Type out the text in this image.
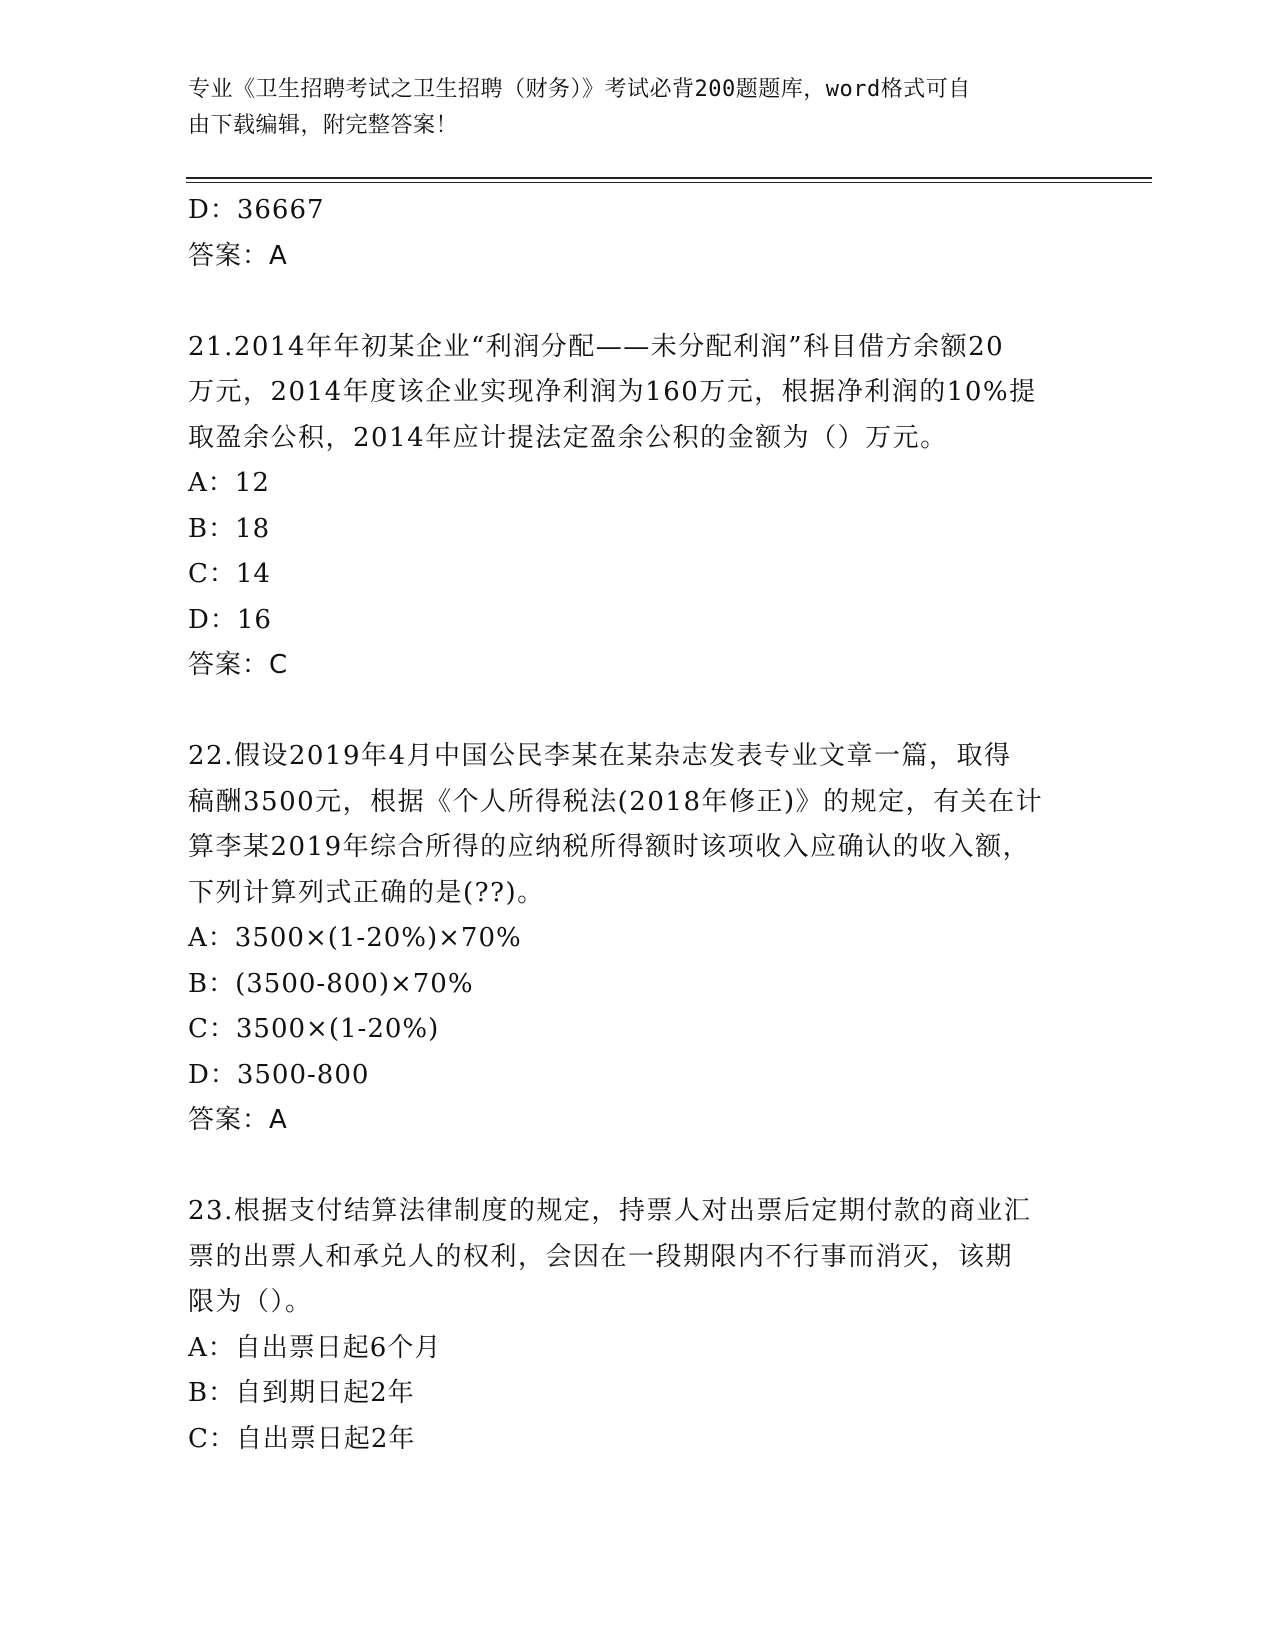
专业《卫生招聘考试之卫生招聘（财务）》考试必背200题题库，word格式可自
由下载编辑，附完整答案！
D：36667
答案：A
21.2014年年初某企业“利润分配——未分配利润”科目借方余额20
万元，2014年度该企业实现净利润为160万元，根据净利润的10%提
取盈余公积，2014年应计提法定盈余公积的金额为（）万元。
A：12
B：18
C：14
D：16
答案：C
22.假设2019年4月中国公民李某在某杂志发表专业文章一篇，取得
稿酬3500元，根据《个人所得税法(2018年修正)》的规定，有关在计
算李某2019年综合所得的应纳税所得额时该项收入应确认的收入额，
下列计算列式正确的是(??)。
A：3500×(1-20%)×70%
B：(3500-800)×70%
C：3500×(1-20%)
D：3500-800
答案：A
23.根据支付结算法律制度的规定，持票人对出票后定期付款的商业汇
票的出票人和承兑人的权利，会因在一段期限内不行事而消灭，该期
限为（）。
A：自出票日起6个月
B：自到期日起2年
C：自出票日起2年
